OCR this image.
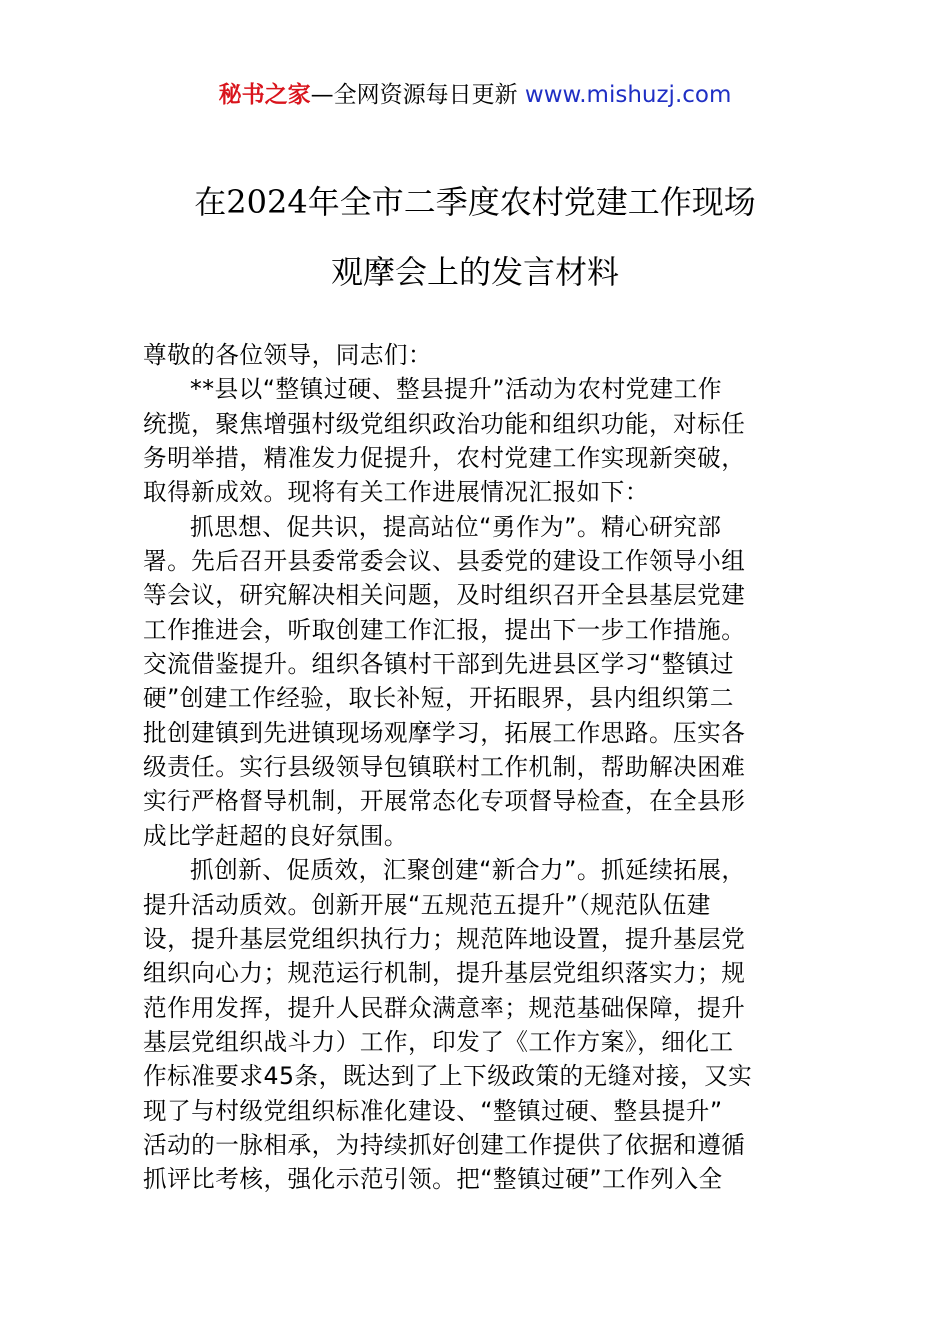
秘书之家—全网资源每日更新 www.mishuzj.com
在2024年全市二季度农村党建工作现场
观摩会上的发言材料
尊敬的各位领导，同志们：
**县以“整镇过硬、整县提升”活动为农村党建工作
统揽，聚焦增强村级党组织政治功能和组织功能，对标任
务明举措，精准发力促提升，农村党建工作实现新突破，
取得新成效。现将有关工作进展情况汇报如下：
抓思想、促共识，提高站位“勇作为”。精心研究部
署。先后召开县委常委会议、县委党的建设工作领导小组
等会议，研究解决相关问题，及时组织召开全县基层党建
工作推进会，听取创建工作汇报，提出下一步工作措施。
交流借鉴提升。组织各镇村干部到先进县区学习“整镇过
硬”创建工作经验，取长补短，开拓眼界，县内组织第二
批创建镇到先进镇现场观摩学习，拓展工作思路。压实各
级责任。实行县级领导包镇联村工作机制，帮助解决困难
实行严格督导机制，开展常态化专项督导检查，在全县形
成比学赶超的良好氛围。
抓创新、促质效，汇聚创建“新合力”。抓延续拓展，
提升活动质效。创新开展“五规范五提升”（规范队伍建
设，提升基层党组织执行力；规范阵地设置，提升基层党
组织向心力；规范运行机制，提升基层党组织落实力；规
范作用发挥，提升人民群众满意率；规范基础保障，提升
基层党组织战斗力）工作，印发了《工作方案》，细化工
作标准要求45条，既达到了上下级政策的无缝对接，又实
现了与村级党组织标准化建设、“整镇过硬、整县提升”
活动的一脉相承，为持续抓好创建工作提供了依据和遵循
抓评比考核，强化示范引领。把“整镇过硬”工作列入全
